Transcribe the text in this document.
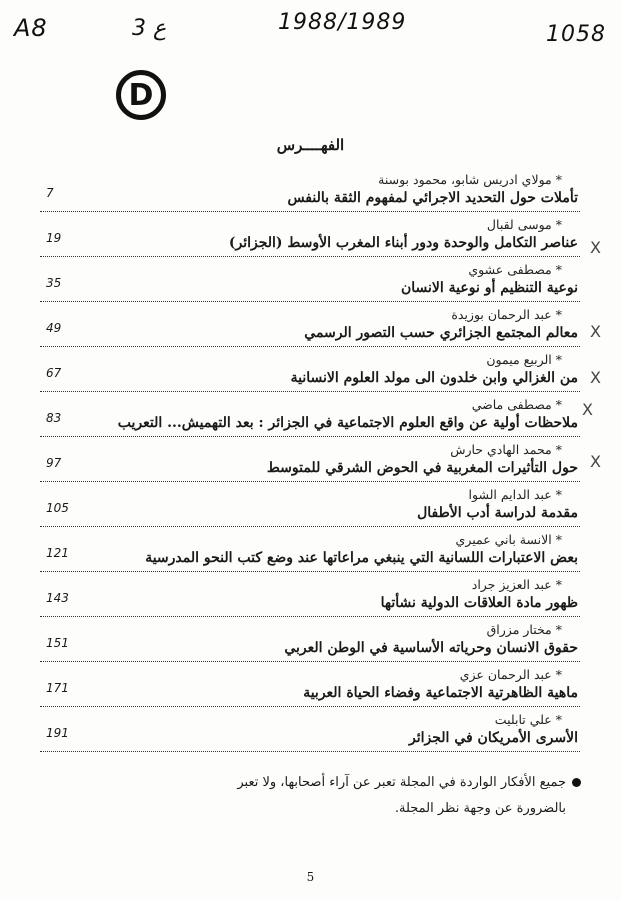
A8	3 ع	1988/1989	1058
D
الفهــــرس
*مولاي ادريس شابو، محمود بوسنة
تأملات حول التحديد الاجرائي لمفهوم الثقة بالنفس
7
*موسى لقبال
عناصر التكامل والوحدة ودور أبناء المغرب الأوسط (الجزائر)
19
*مصطفى عشوي
نوعية التنظيم أو نوعية الانسان
35
*عبد الرحمان بوزيدة
معالم المجتمع الجزائري حسب التصور الرسمي
49
*الربيع ميمون
من الغزالي وابن خلدون الى مولد العلوم الانسانية
67
*مصطفى ماضي
ملاحظات أولية عن واقع العلوم الاجتماعية في الجزائر : بعد التهميش... التعريب
83
*محمد الهادي حارش
حول التأثيرات المغربية في الحوض الشرقي للمتوسط
97
*عبد الدايم الشوا
مقدمة لدراسة أدب الأطفال
105
*الانسة باني عميري
بعض الاعتبارات اللسانية التي ينبغي مراعاتها عند وضع كتب النحو المدرسية
121
*عبد العزيز جراد
ظهور مادة العلاقات الدولية نشأتها
143
*مختار مزراق
حقوق الانسان وحرياته الأساسية في الوطن العربي
151
*عبد الرحمان عزي
ماهية الظاهرتية الاجتماعية وفضاء الحياة العربية
171
*علي تابليت
الأسرى الأمريكان في الجزائر
191
X
X
X
X
X
جميع الأفكار الواردة في المجلة تعبر عن آراء أصحابها، ولا تعبر
بالضرورة عن وجهة نظر المجلة.
5
